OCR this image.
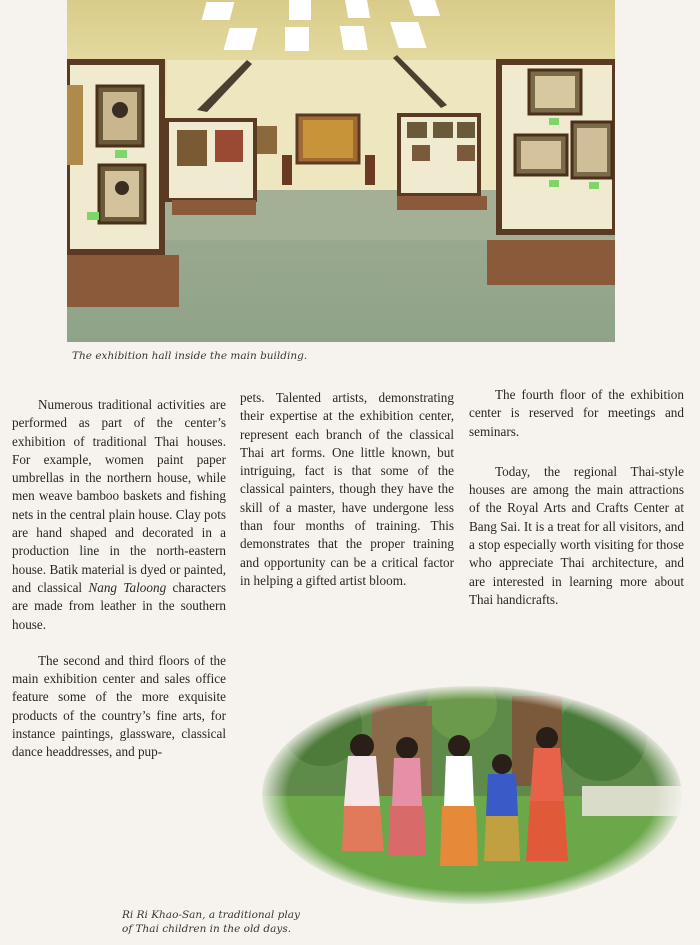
The exhibition hall inside the main building.

Numerous traditional activities are performed as part of the center’s exhibition of traditional Thai houses. For example, women paint paper umbrellas in the northern house, while men weave bamboo baskets and fishing nets in the central plain house. Clay pots are hand shaped and decorated in a production line in the north-eastern house. Batik material is dyed or painted, and classical Nang Taloong characters are made from leather in the southern house.

The second and third floors of the main exhibition center and sales office feature some of the more exquisite products of the country’s fine arts, for instance paintings, glassware, classical dance headdresses, and pup-

pets. Talented artists, demonstrating their expertise at the exhibition center, represent each branch of the classical Thai art forms. One little known, but intriguing, fact is that some of the classical painters, though they have the skill of a master, have undergone less than four months of training. This demonstrates that the proper training and opportunity can be a critical factor in helping a gifted artist bloom.

The fourth floor of the exhibition center is reserved for meetings and seminars.

Today, the regional Thai-style houses are among the main attractions of the Royal Arts and Crafts Center at Bang Sai. It is a treat for all visitors, and a stop especially worth visiting for those who appreciate Thai architecture, and are interested in learning more about Thai handicrafts.

Ri Ri Khao-San, a traditional play
of Thai children in the old days.
